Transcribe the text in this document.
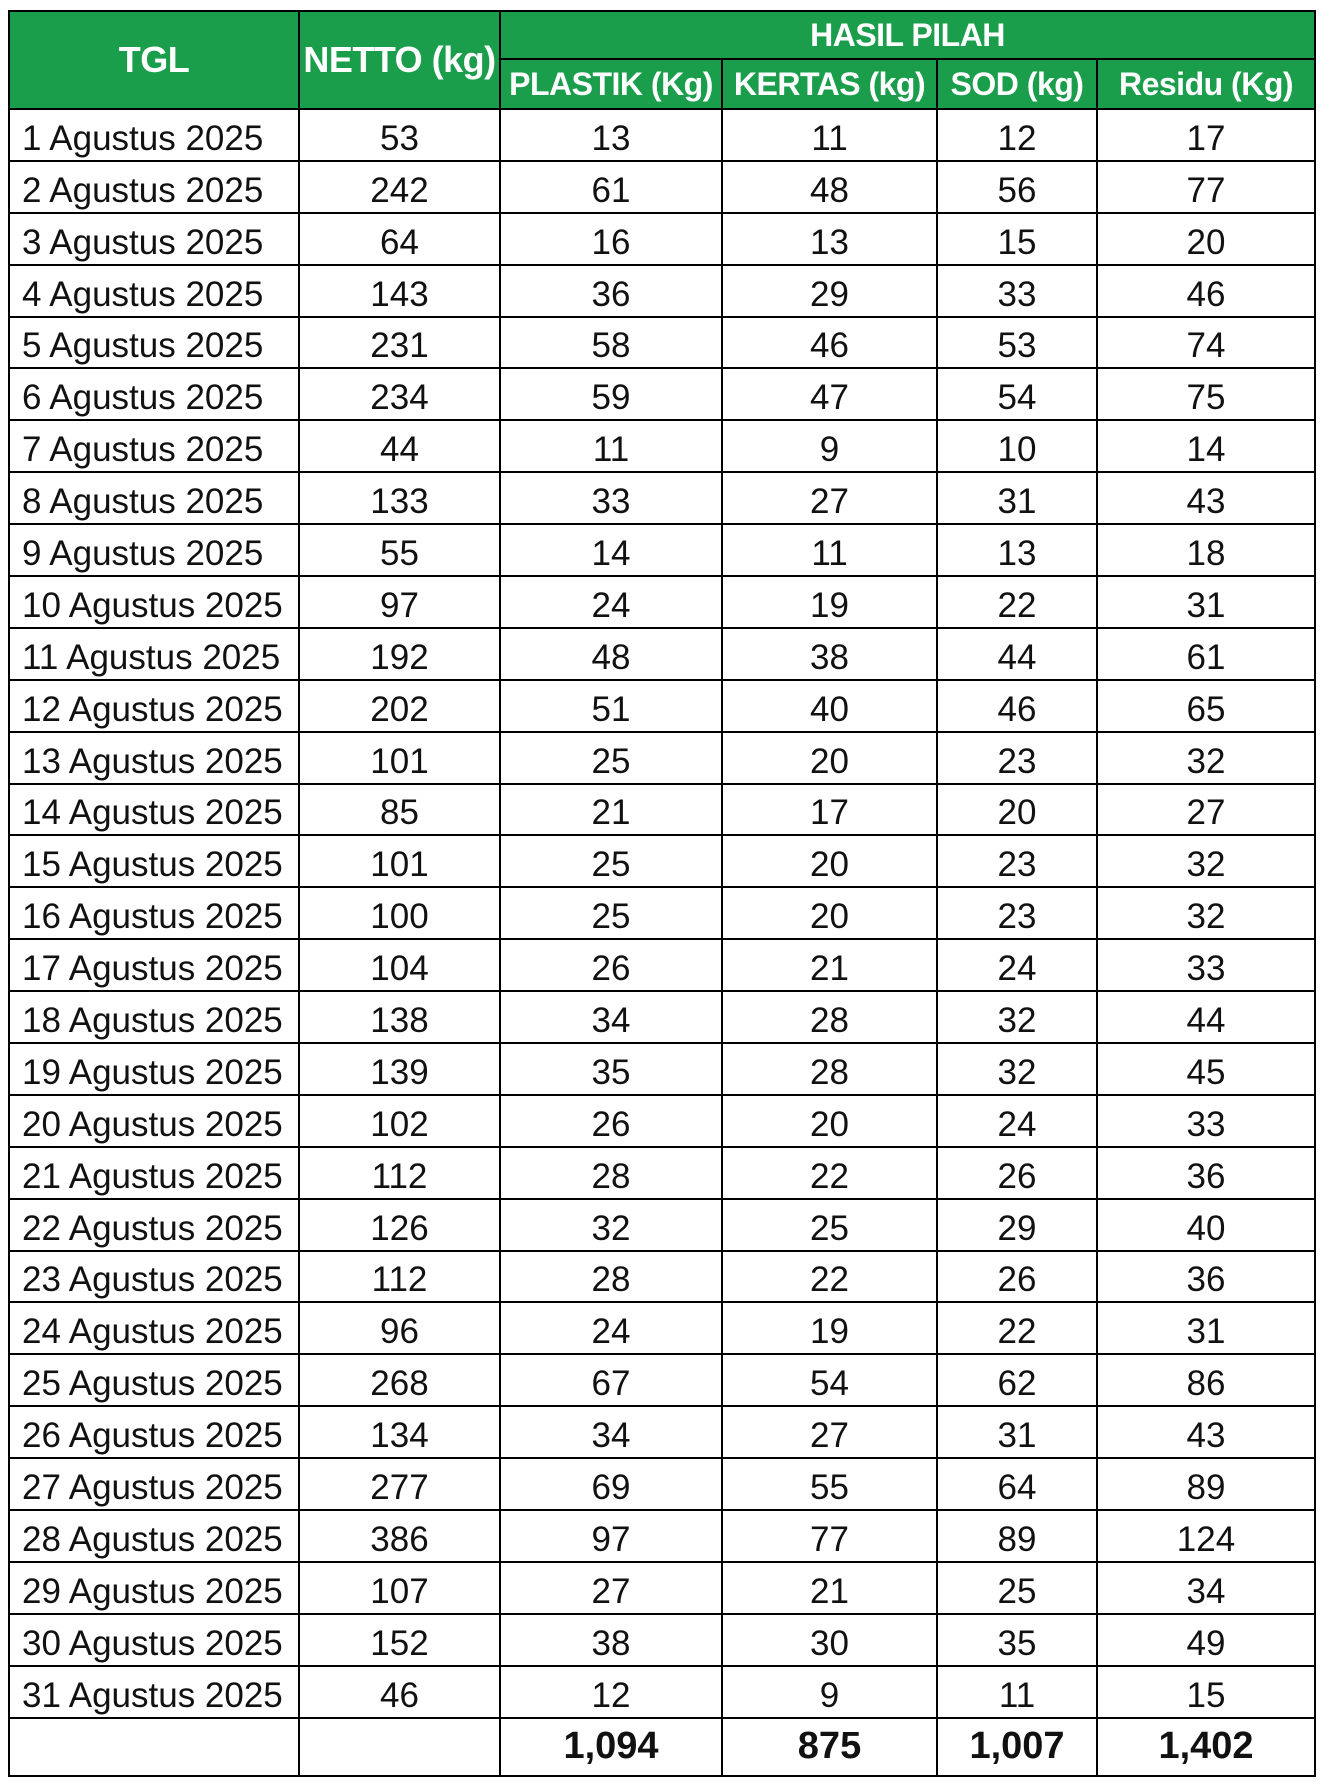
TGL	NETTO (kg)	HASIL PILAH			
		PLASTIK (Kg)	KERTAS (kg)	SOD (kg)	Residu (Kg)
1 Agustus 2025	53	13	11	12	17
2 Agustus 2025	242	61	48	56	77
3 Agustus 2025	64	16	13	15	20
4 Agustus 2025	143	36	29	33	46
5 Agustus 2025	231	58	46	53	74
6 Agustus 2025	234	59	47	54	75
7 Agustus 2025	44	11	9	10	14
8 Agustus 2025	133	33	27	31	43
9 Agustus 2025	55	14	11	13	18
10 Agustus 2025	97	24	19	22	31
11 Agustus 2025	192	48	38	44	61
12 Agustus 2025	202	51	40	46	65
13 Agustus 2025	101	25	20	23	32
14 Agustus 2025	85	21	17	20	27
15 Agustus 2025	101	25	20	23	32
16 Agustus 2025	100	25	20	23	32
17 Agustus 2025	104	26	21	24	33
18 Agustus 2025	138	34	28	32	44
19 Agustus 2025	139	35	28	32	45
20 Agustus 2025	102	26	20	24	33
21 Agustus 2025	112	28	22	26	36
22 Agustus 2025	126	32	25	29	40
23 Agustus 2025	112	28	22	26	36
24 Agustus 2025	96	24	19	22	31
25 Agustus 2025	268	67	54	62	86
26 Agustus 2025	134	34	27	31	43
27 Agustus 2025	277	69	55	64	89
28 Agustus 2025	386	97	77	89	124
29 Agustus 2025	107	27	21	25	34
30 Agustus 2025	152	38	30	35	49
31 Agustus 2025	46	12	9	11	15
		1,094	875	1,007	1,402
